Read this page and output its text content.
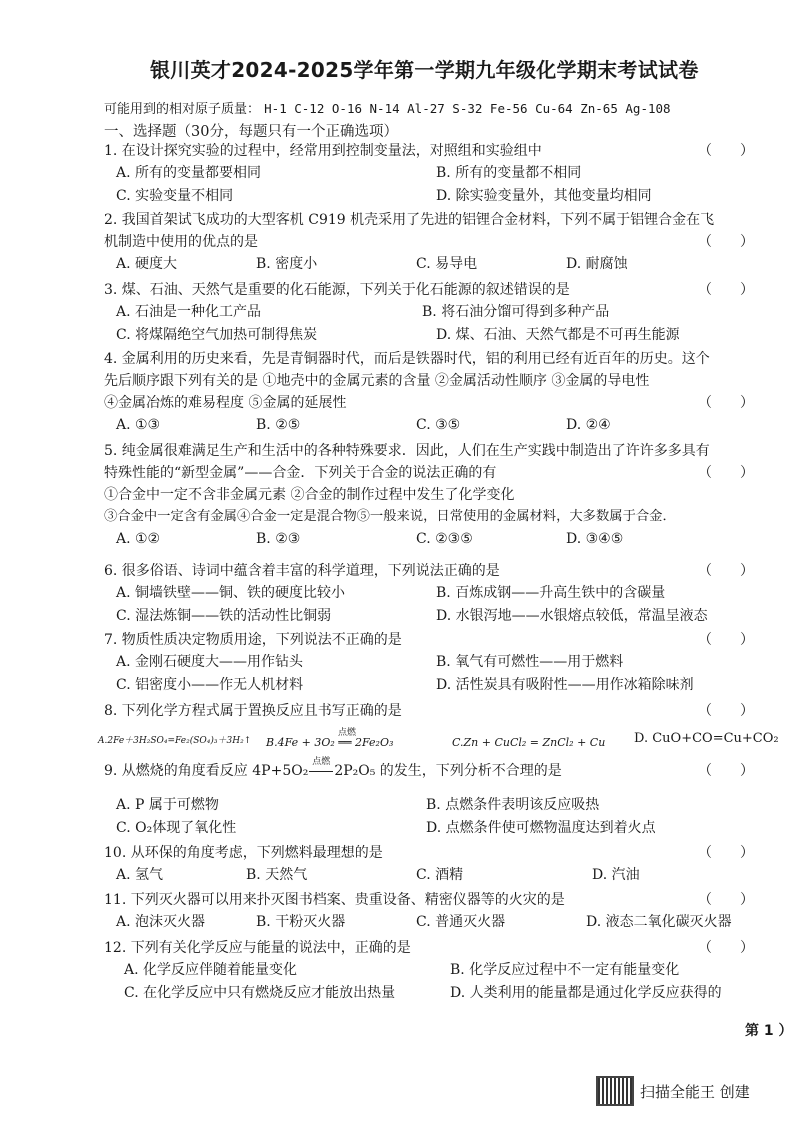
银川英才2024-2025学年第一学期九年级化学期末考试试卷
可能用到的相对原子质量： H-1 C-12 O-16 N-14 Al-27 S-32 Fe-56 Cu-64 Zn-65 Ag-108
一、选择题（30分，每题只有一个正确选项）
1. 在设计探究实验的过程中，经常用到控制变量法，对照组和实验组中	（　　）
A. 所有的变量都要相同	B. 所有的变量都不相同
C. 实验变量不相同	D. 除实验变量外，其他变量均相同
2. 我国首架试飞成功的大型客机 C919 机壳采用了先进的铝锂合金材料，下列不属于铝锂合金在飞
机制造中使用的优点的是	（　　）
A. 硬度大	B. 密度小	C. 易导电	D. 耐腐蚀
3. 煤、石油、天然气是重要的化石能源，下列关于化石能源的叙述错误的是	（　　）
A. 石油是一种化工产品	B. 将石油分馏可得到多种产品
C. 将煤隔绝空气加热可制得焦炭	D. 煤、石油、天然气都是不可再生能源
4. 金属利用的历史来看，先是青铜器时代，而后是铁器时代，铝的利用已经有近百年的历史。这个
先后顺序跟下列有关的是 ①地壳中的金属元素的含量 ②金属活动性顺序 ③金属的导电性
④金属冶炼的难易程度 ⑤金属的延展性	（　　）
A. ①③	B. ②⑤	C. ③⑤	D. ②④
5. 纯金属很难满足生产和生活中的各种特殊要求．因此，人们在生产实践中制造出了许许多多具有
特殊性能的“新型金属”——合金．下列关于合金的说法正确的有	（　　）
①合金中一定不含非金属元素 ②合金的制作过程中发生了化学变化
③合金中一定含有金属④合金一定是混合物⑤一般来说，日常使用的金属材料，大多数属于合金．
A. ①②	B. ②③	C. ②③⑤	D. ③④⑤
6. 很多俗语、诗词中蕴含着丰富的科学道理，下列说法正确的是	（　　）
A. 铜墙铁壁——铜、铁的硬度比较小	B. 百炼成钢——升高生铁中的含碳量
C. 湿法炼铜——铁的活动性比铜弱	D. 水银泻地——水银熔点较低，常温呈液态
7. 物质性质决定物质用途，下列说法不正确的是	（　　）
A. 金刚石硬度大——用作钻头	B. 氧气有可燃性——用于燃料
C. 铝密度小——作无人机材料	D. 活性炭具有吸附性——用作冰箱除味剂
8. 下列化学方程式属于置换反应且书写正确的是	（　　）
A.2Fe＋3H₂SO₄=Fe₂(SO₄)₃＋3H₂↑ B.4Fe + 3O₂ ══ 2Fe₂O₃
点燃
C.Zn + CuCl₂ = ZnCl₂ + Cu D. CuO+CO=Cu+CO₂
9. 从燃烧的角度看反应 4P+5O₂
点燃
2P₂O₅ 的发生，下列分析不合理的是	（　　）
A. P 属于可燃物	B. 点燃条件表明该反应吸热
C. O₂体现了氧化性	D. 点燃条件使可燃物温度达到着火点
10. 从环保的角度考虑，下列燃料最理想的是	（　　）
A. 氢气	B. 天然气	C. 酒精	D. 汽油
11. 下列灭火器可以用来扑灭图书档案、贵重设备、精密仪器等的火灾的是	（　　）
A. 泡沫灭火器	B. 干粉灭火器	C. 普通灭火器	D. 液态二氧化碳灭火器
12. 下列有关化学反应与能量的说法中，正确的是	（　　）
A. 化学反应伴随着能量变化	B. 化学反应过程中不一定有能量变化
C. 在化学反应中只有燃烧反应才能放出热量	D. 人类利用的能量都是通过化学反应获得的
第 1 ）
扫描全能王 创建
